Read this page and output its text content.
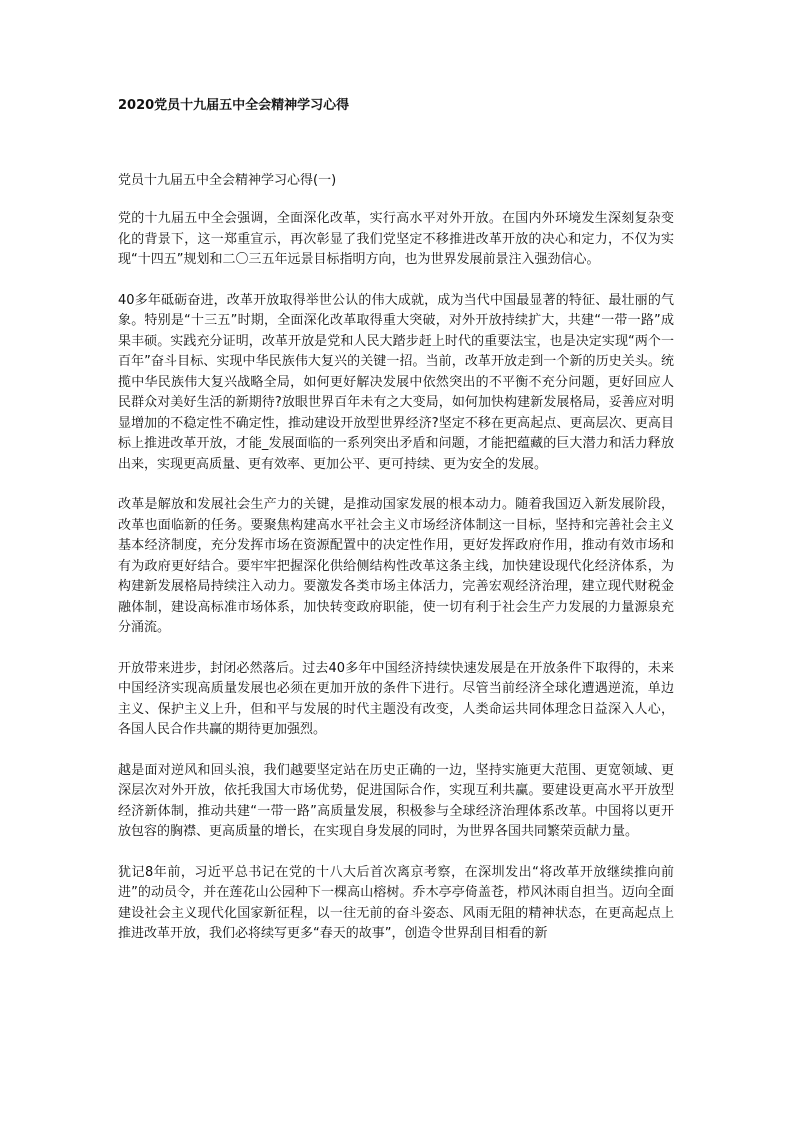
2020党员十九届五中全会精神学习心得

党员十九届五中全会精神学习心得(一)

党的十九届五中全会强调，全面深化改革，实行高水平对外开放。在国内外环境发生深刻复杂变化的背景下，这一郑重宣示，再次彰显了我们党坚定不移推进改革开放的决心和定力，不仅为实现“十四五”规划和二〇三五年远景目标指明方向，也为世界发展前景注入强劲信心。

40多年砥砺奋进，改革开放取得举世公认的伟大成就，成为当代中国最显著的特征、最壮丽的气象。特别是“十三五”时期，全面深化改革取得重大突破，对外开放持续扩大，共建“一带一路”成果丰硕。实践充分证明，改革开放是党和人民大踏步赶上时代的重要法宝，也是决定实现“两个一百年”奋斗目标、实现中华民族伟大复兴的关键一招。当前，改革开放走到一个新的历史关头。统揽中华民族伟大复兴战略全局，如何更好解决发展中依然突出的不平衡不充分问题，更好回应人民群众对美好生活的新期待?放眼世界百年未有之大变局，如何加快构建新发展格局，妥善应对明显增加的不稳定性不确定性，推动建设开放型世界经济?坚定不移在更高起点、更高层次、更高目标上推进改革开放，才能_发展面临的一系列突出矛盾和问题，才能把蕴藏的巨大潜力和活力释放出来，实现更高质量、更有效率、更加公平、更可持续、更为安全的发展。

改革是解放和发展社会生产力的关键，是推动国家发展的根本动力。随着我国迈入新发展阶段，改革也面临新的任务。要聚焦构建高水平社会主义市场经济体制这一目标，坚持和完善社会主义基本经济制度，充分发挥市场在资源配置中的决定性作用，更好发挥政府作用，推动有效市场和有为政府更好结合。要牢牢把握深化供给侧结构性改革这条主线，加快建设现代化经济体系，为构建新发展格局持续注入动力。要激发各类市场主体活力，完善宏观经济治理，建立现代财税金融体制，建设高标准市场体系，加快转变政府职能，使一切有利于社会生产力发展的力量源泉充分涌流。

开放带来进步，封闭必然落后。过去40多年中国经济持续快速发展是在开放条件下取得的，未来中国经济实现高质量发展也必须在更加开放的条件下进行。尽管当前经济全球化遭遇逆流，单边主义、保护主义上升，但和平与发展的时代主题没有改变，人类命运共同体理念日益深入人心，各国人民合作共赢的期待更加强烈。

越是面对逆风和回头浪，我们越要坚定站在历史正确的一边，坚持实施更大范围、更宽领域、更深层次对外开放，依托我国大市场优势，促进国际合作，实现互利共赢。要建设更高水平开放型经济新体制，推动共建“一带一路”高质量发展，积极参与全球经济治理体系改革。中国将以更开放包容的胸襟、更高质量的增长，在实现自身发展的同时，为世界各国共同繁荣贡献力量。

犹记8年前，习近平总书记在党的十八大后首次离京考察，在深圳发出“将改革开放继续推向前进”的动员令，并在莲花山公园种下一棵高山榕树。乔木亭亭倚盖苍，栉风沐雨自担当。迈向全面建设社会主义现代化国家新征程，以一往无前的奋斗姿态、风雨无阻的精神状态，在更高起点上推进改革开放，我们必将续写更多“春天的故事”，创造令世界刮目相看的新
